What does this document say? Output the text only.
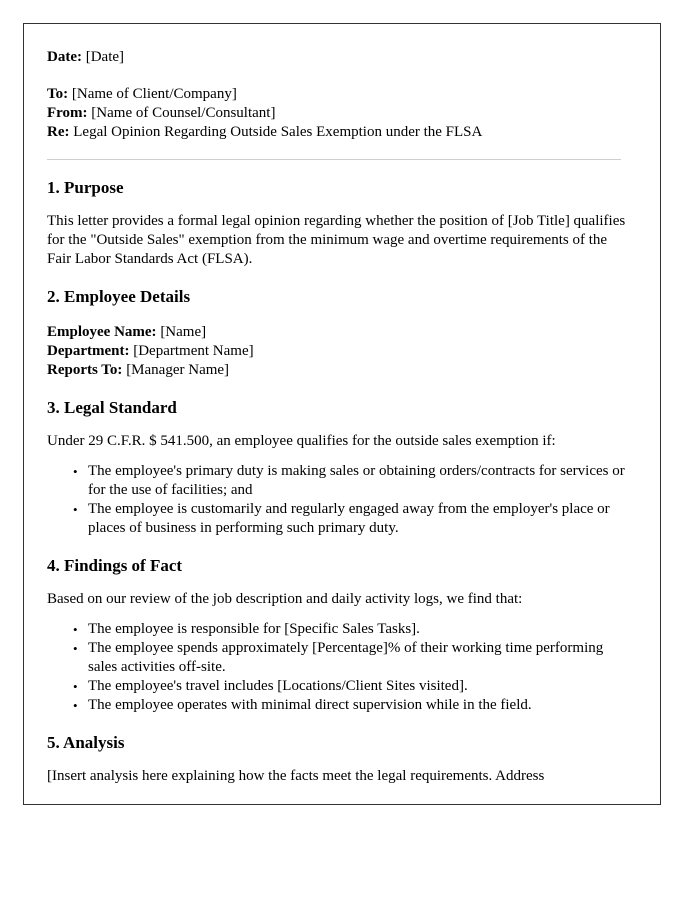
Date: [Date]
To: [Name of Client/Company]
From: [Name of Counsel/Consultant]
Re: Legal Opinion Regarding Outside Sales Exemption under the FLSA
1. Purpose

This letter provides a formal legal opinion regarding whether the position of [Job Title] qualifies for the "Outside Sales" exemption from the minimum wage and overtime requirements of the Fair Labor Standards Act (FLSA).

2. Employee Details
Employee Name: [Name]
Department: [Department Name]
Reports To: [Manager Name]
3. Legal Standard

Under 29 C.F.R. $ 541.500, an employee qualifies for the outside sales exemption if:

• The employee's primary duty is making sales or obtaining orders/contracts for services or for the use of facilities; and
• The employee is customarily and regularly engaged away from the employer's place or places of business in performing such primary duty.
4. Findings of Fact

Based on our review of the job description and daily activity logs, we find that:

• The employee is responsible for [Specific Sales Tasks].
• The employee spends approximately [Percentage]% of their working time performing sales activities off-site.
• The employee's travel includes [Locations/Client Sites visited].
• The employee operates with minimal direct supervision while in the field.
5. Analysis

[Insert analysis here explaining how the facts meet the legal requirements. Address
